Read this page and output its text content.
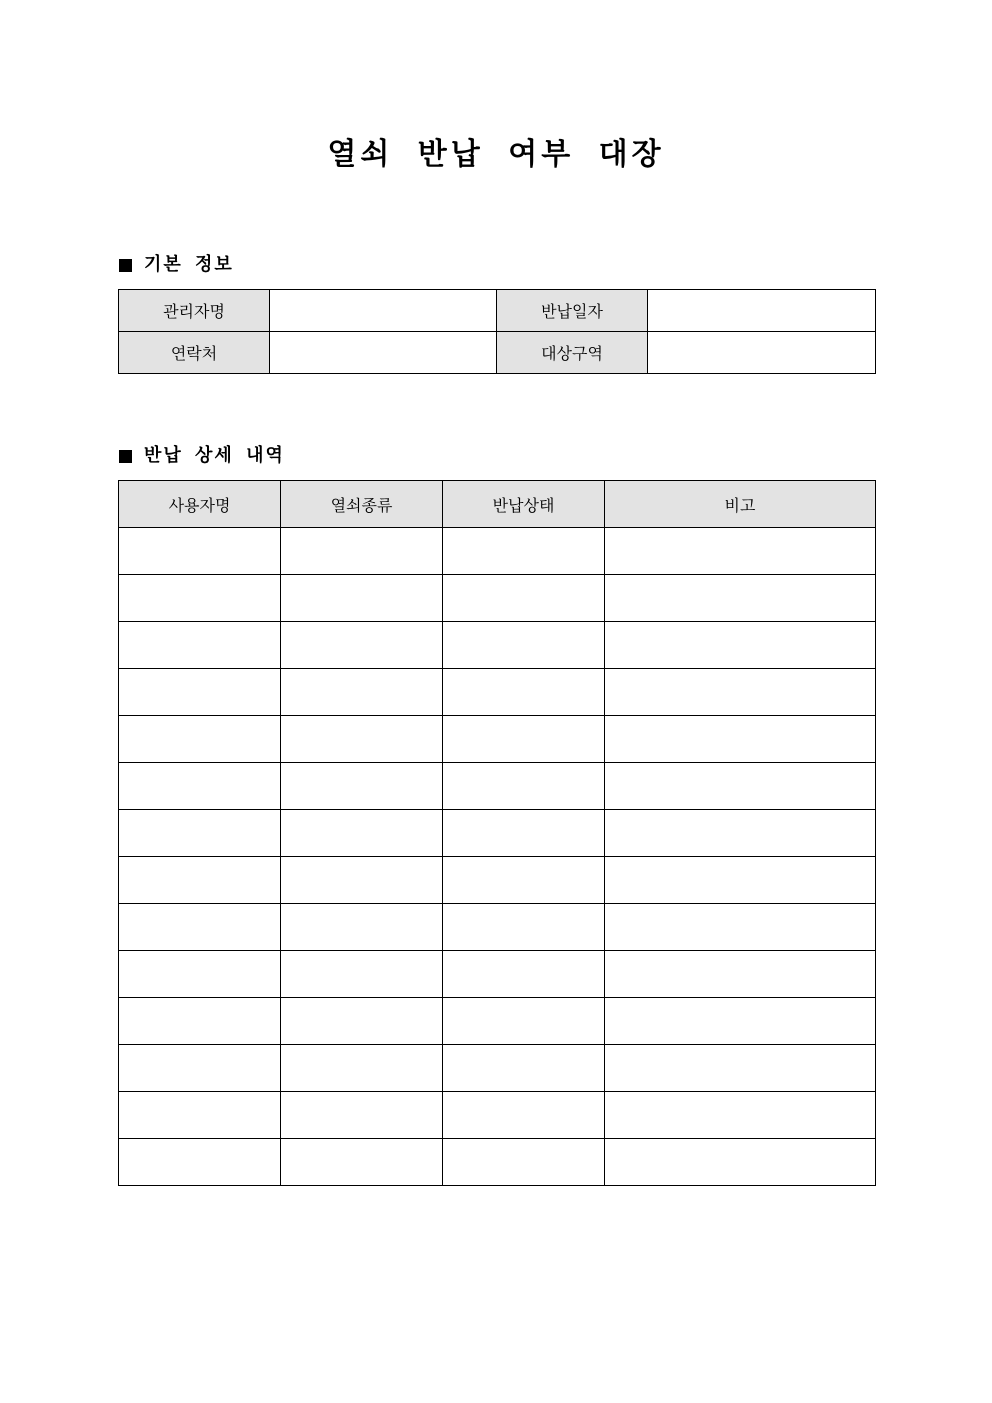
열쇠 반납 여부 대장
기본 정보
관리자명		반납일자	
연락처		대상구역	
반납 상세 내역
사용자명	열쇠종류	반납상태	비고
